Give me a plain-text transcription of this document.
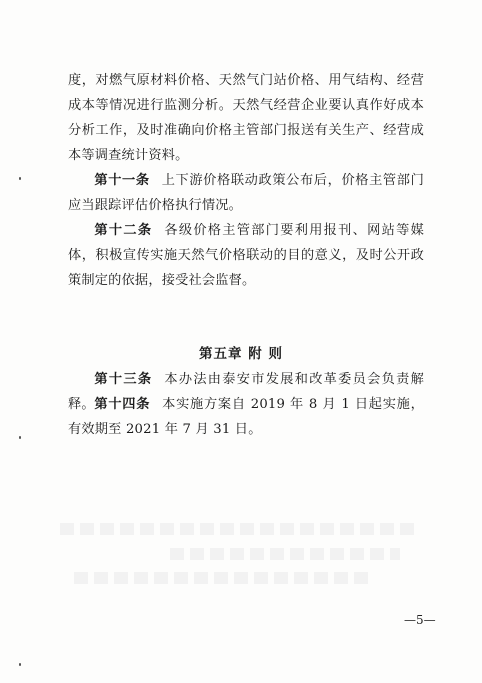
度，对燃气原材料价格、天然气门站价格、用气结构、经营成本等情况进行监测分析。天然气经营企业要认真作好成本分析工作，及时准确向价格主管部门报送有关生产、经营成本等调查统计资料。

第十一条 上下游价格联动政策公布后，价格主管部门应当跟踪评估价格执行情况。

第十二条 各级价格主管部门要利用报刊、网站等媒体，积极宣传实施天然气价格联动的目的意义，及时公开政策制定的依据，接受社会监督。

第五章 附 则

第十三条 本办法由泰安市发展和改革委员会负责解释。 第十四条 本实施方案自 2019 年 8 月 1 日起实施，有效期至 2021 年 7 月 31 日。

—5—
